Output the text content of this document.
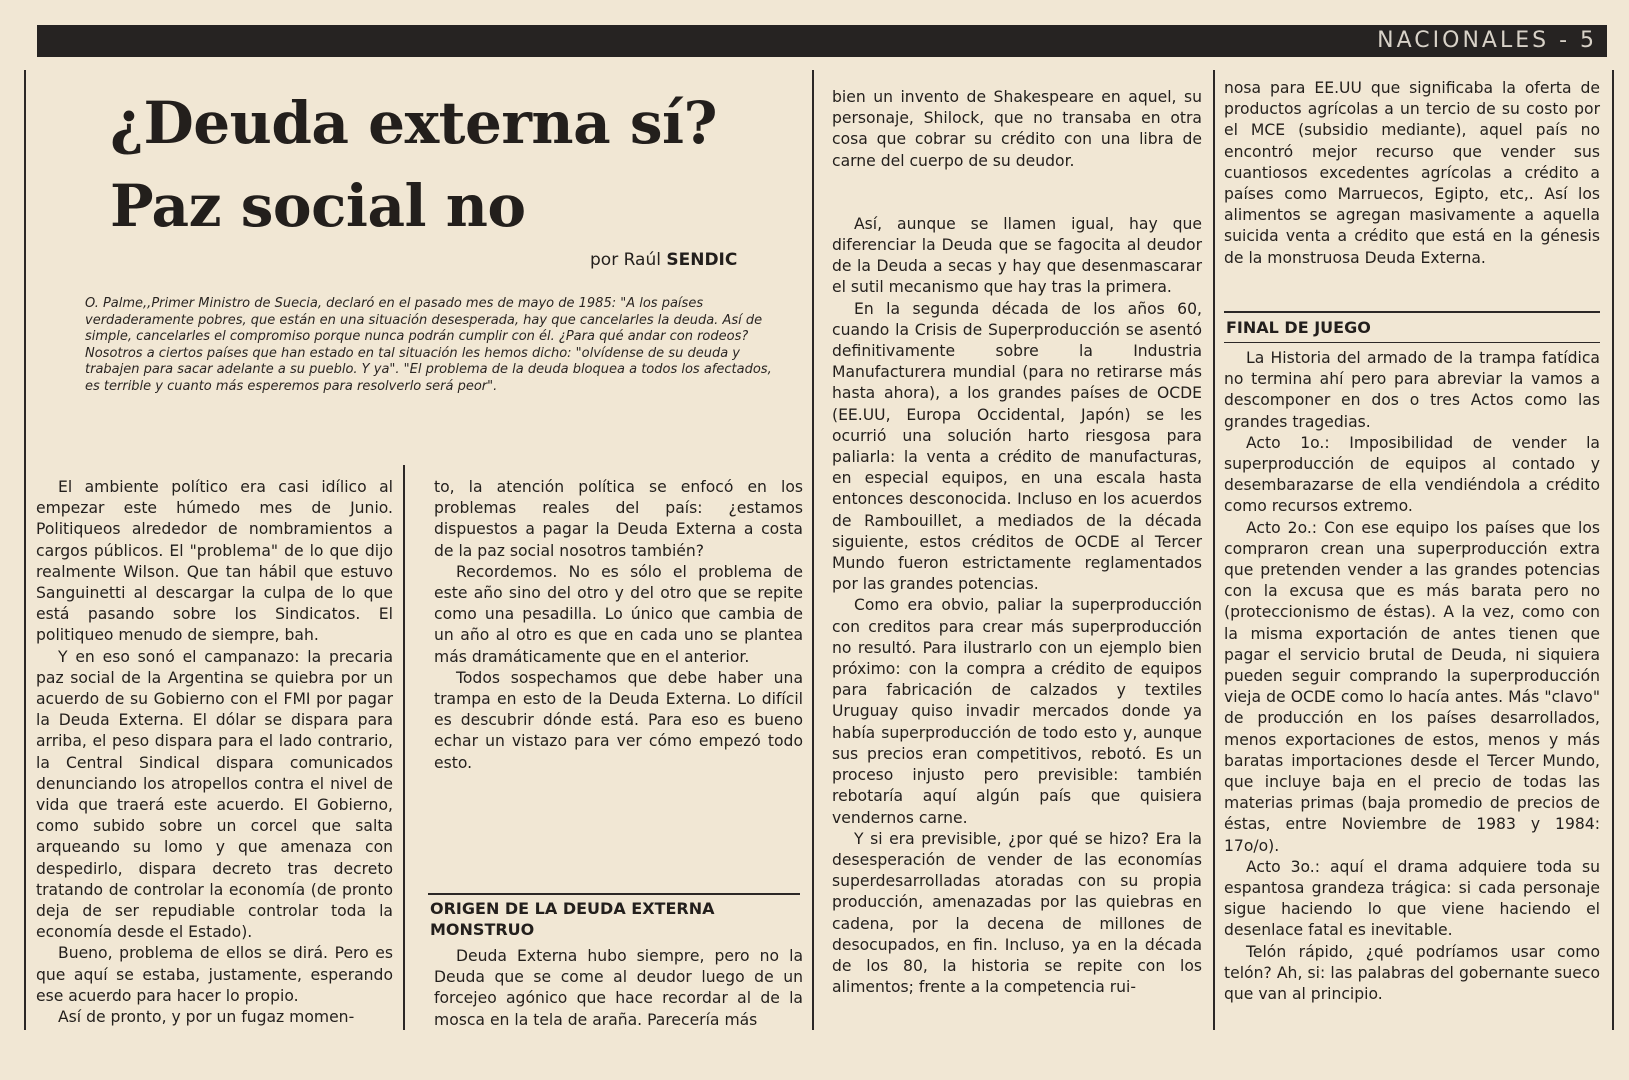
NACIONALES - 5
¿Deuda externa sí?
Paz social no
por Raúl SENDIC

O. Palme,,Primer Ministro de Suecia, declaró en el pasado mes de mayo de 1985: "A los países verdaderamente pobres, que están en una situación desesperada, hay que cancelarles la deuda. Así de simple, cancelarles el compromiso porque nunca podrán cumplir con él. ¿Para qué andar con rodeos? Nosotros a ciertos países que han estado en tal situación les hemos dicho: "olvídense de su deuda y trabajen para sacar adelante a su pueblo. Y ya". "El problema de la deuda bloquea a todos los afectados, es terrible y cuanto más esperemos para resolverlo será peor".

El ambiente político era casi idílico al empezar este húmedo mes de Junio. Politiqueos alrededor de nombramientos a cargos públicos. El "problema" de lo que dijo realmente Wilson. Que tan hábil que estuvo Sanguinetti al descargar la culpa de lo que está pasando sobre los Sindicatos. El politiqueo menudo de siempre, bah.

Y en eso sonó el campanazo: la precaria paz social de la Argentina se quiebra por un acuerdo de su Gobierno con el FMI por pagar la Deuda Externa. El dólar se dispara para arriba, el peso dispara para el lado contrario, la Central Sindical dispara comunicados denunciando los atropellos contra el nivel de vida que traerá este acuerdo. El Gobierno, como subido sobre un corcel que salta arqueando su lomo y que amenaza con despedirlo, dispara decreto tras decreto tratando de controlar la economía (de pronto deja de ser repudiable controlar toda la economía desde el Estado).

Bueno, problema de ellos se dirá. Pero es que aquí se estaba, justamente, esperando ese acuerdo para hacer lo propio.

Así de pronto, y por un fugaz momen-

to, la atención política se enfocó en los problemas reales del país: ¿estamos dispuestos a pagar la Deuda Externa a costa de la paz social nosotros también?

Recordemos. No es sólo el problema de este año sino del otro y del otro que se repite como una pesadilla. Lo único que cambia de un año al otro es que en cada uno se plantea más dramáticamente que en el anterior.

Todos sospechamos que debe haber una trampa en esto de la Deuda Externa. Lo difícil es descubrir dónde está. Para eso es bueno echar un vistazo para ver cómo empezó todo esto.

ORIGEN DE LA DEUDA EXTERNA MONSTRUO

Deuda Externa hubo siempre, pero no la Deuda que se come al deudor luego de un forcejeo agónico que hace recordar al de la mosca en la tela de araña. Parecería más

bien un invento de Shakespeare en aquel, su personaje, Shilock, que no transaba en otra cosa que cobrar su crédito con una libra de carne del cuerpo de su deudor.

Así, aunque se llamen igual, hay que diferenciar la Deuda que se fagocita al deudor de la Deuda a secas y hay que desenmascarar el sutil mecanismo que hay tras la primera.

En la segunda década de los años 60, cuando la Crisis de Superproducción se asentó definitivamente sobre la Industria Manufacturera mundial (para no retirarse más hasta ahora), a los grandes países de OCDE (EE.UU, Europa Occidental, Japón) se les ocurrió una solución harto riesgosa para paliarla: la venta a crédito de manufacturas, en especial equipos, en una escala hasta entonces desconocida. Incluso en los acuerdos de Rambouillet, a mediados de la década siguiente, estos créditos de OCDE al Tercer Mundo fueron estrictamente reglamentados por las grandes potencias.

Como era obvio, paliar la superproducción con creditos para crear más superproducción no resultó. Para ilustrarlo con un ejemplo bien próximo: con la compra a crédito de equipos para fabricación de calzados y textiles Uruguay quiso invadir mercados donde ya había superproducción de todo esto y, aunque sus precios eran competitivos, rebotó. Es un proceso injusto pero previsible: también rebotaría aquí algún país que quisiera vendernos carne.

Y si era previsible, ¿por qué se hizo? Era la desesperación de vender de las economías superdesarrolladas atoradas con su propia producción, amenazadas por las quiebras en cadena, por la decena de millones de desocupados, en fin. Incluso, ya en la década de los 80, la historia se repite con los alimentos; frente a la competencia rui-

nosa para EE.UU que significaba la oferta de productos agrícolas a un tercio de su costo por el MCE (subsidio mediante), aquel país no encontró mejor recurso que vender sus cuantiosos excedentes agrícolas a crédito a países como Marruecos, Egipto, etc,. Así los alimentos se agregan masivamente a aquella suicida venta a crédito que está en la génesis de la monstruosa Deuda Externa.

FINAL DE JUEGO

La Historia del armado de la trampa fatídica no termina ahí pero para abreviar la vamos a descomponer en dos o tres Actos como las grandes tragedias.

Acto 1o.: Imposibilidad de vender la superproducción de equipos al contado y desembarazarse de ella vendiéndola a crédito como recursos extremo.

Acto 2o.: Con ese equipo los países que los compraron crean una superproducción extra que pretenden vender a las grandes potencias con la excusa que es más barata pero no (proteccionismo de éstas). A la vez, como con la misma exportación de antes tienen que pagar el servicio brutal de Deuda, ni siquiera pueden seguir comprando la superproducción vieja de OCDE como lo hacía antes. Más "clavo" de producción en los países desarrollados, menos exportaciones de estos, menos y más baratas importaciones desde el Tercer Mundo, que incluye baja en el precio de todas las materias primas (baja promedio de precios de éstas, entre Noviembre de 1983 y 1984: 17o/o).

Acto 3o.: aquí el drama adquiere toda su espantosa grandeza trágica: si cada personaje sigue haciendo lo que viene haciendo el desenlace fatal es inevitable.

Telón rápido, ¿qué podríamos usar como telón? Ah, si: las palabras del gobernante sueco que van al principio.
